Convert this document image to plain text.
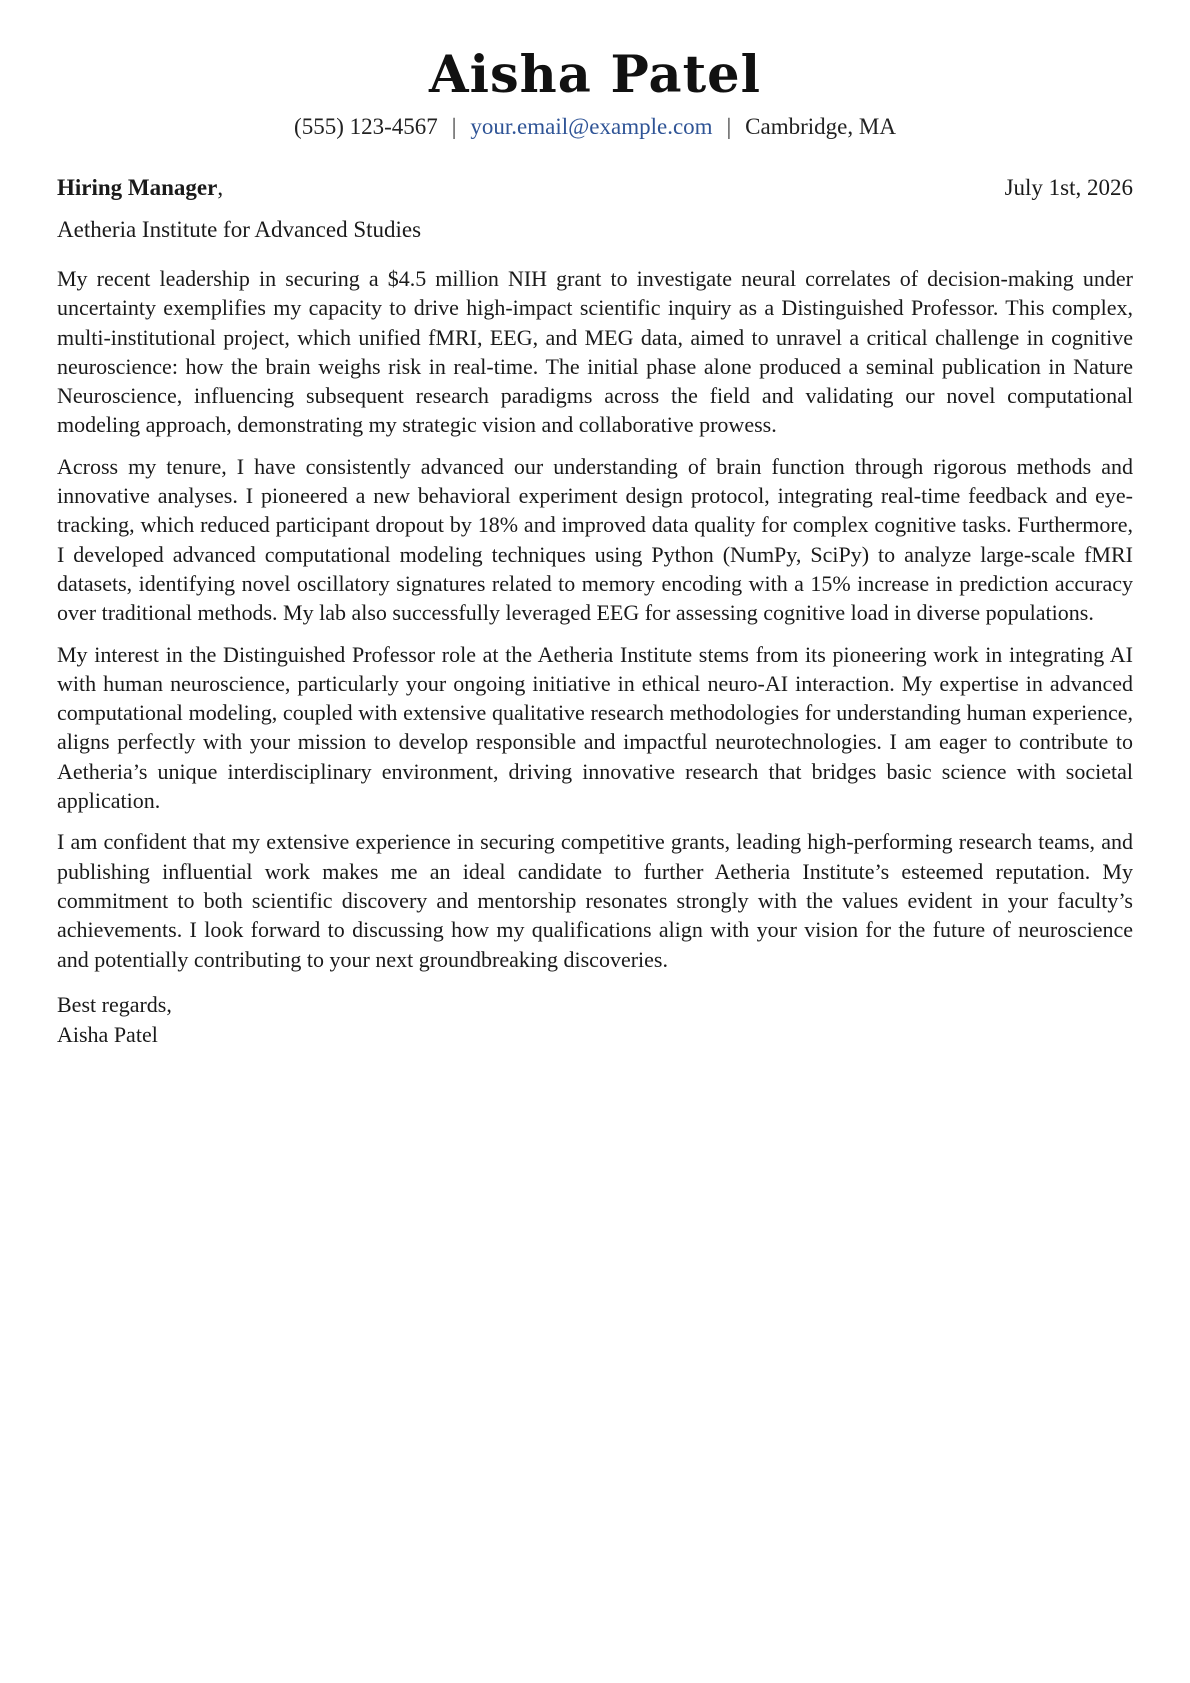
Aisha Patel
(555) 123-4567 | your.email@example.com | Cambridge, MA
Hiring Manager,	July 1st, 2026
Aetheria Institute for Advanced Studies

My recent leadership in securing a $4.5 million NIH grant to investigate neural correlates of decision-making under uncertainty exemplifies my capacity to drive high-impact scientific inquiry as a Distinguished Professor. This complex, multi-institutional project, which unified fMRI, EEG, and MEG data, aimed to unravel a critical challenge in cognitive neuroscience: how the brain weighs risk in real-time. The initial phase alone produced a seminal publication in Nature Neuroscience, influencing subsequent research paradigms across the field and validating our novel computational modeling approach, demonstrating my strategic vision and collaborative prowess.

Across my tenure, I have consistently advanced our understanding of brain function through rigorous methods and innovative analyses. I pioneered a new behavioral experiment design protocol, integrating real-time feedback and eye-tracking, which reduced participant dropout by 18% and improved data quality for complex cognitive tasks. Furthermore, I developed advanced computational modeling techniques using Python (NumPy, SciPy) to analyze large-scale fMRI datasets, identifying novel oscillatory signatures related to memory encoding with a 15% increase in prediction accuracy over traditional methods. My lab also successfully leveraged EEG for assessing cognitive load in diverse populations.

My interest in the Distinguished Professor role at the Aetheria Institute stems from its pioneering work in integrating AI with human neuroscience, particularly your ongoing initiative in ethical neuro-AI interaction. My expertise in advanced computational modeling, coupled with extensive qualitative research methodologies for understanding human experience, aligns perfectly with your mission to develop responsible and impactful neurotechnologies. I am eager to contribute to Aetheria’s unique interdisciplinary environment, driving innovative research that bridges basic science with societal application.

I am confident that my extensive experience in securing competitive grants, leading high-performing research teams, and publishing influential work makes me an ideal candidate to further Aetheria Institute’s esteemed reputation. My commitment to both scientific discovery and mentorship resonates strongly with the values evident in your faculty’s achievements. I look forward to discussing how my qualifications align with your vision for the future of neuroscience and potentially contributing to your next groundbreaking discoveries.

Best regards,
Aisha Patel
